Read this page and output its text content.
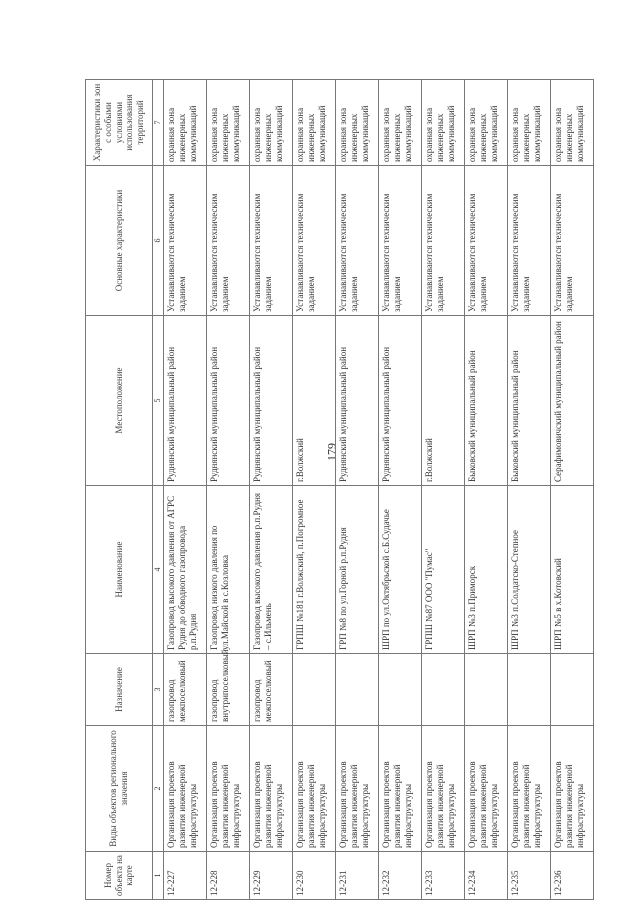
179
Номер объекта на карте	Виды объектов регионального значения	Назначение	Наименование	Местоположение	Основные характеристики	Характеристики зон с особыми условиями использования территорий
1	2	3	4	5	6	7
12-227	Организация проектов развития инженерной инфраструктуры	газопровод межпоселковый	Газопровод высокого давления от АГРС Рудня до обводного газопровода р.п.Рудня	Руднянский муниципальный район	Устанавливаются техническим заданием	охранная зона инженерных коммуникаций
12-228	Организация проектов развития инженерной инфраструктуры	газопровод внутрипоселковый	Газопровод низкого давления по ул.Майской в с.Козловка	Руднянский муниципальный район	Устанавливаются техническим заданием	охранная зона инженерных коммуникаций
12-229	Организация проектов развития инженерной инфраструктуры	газопровод межпоселковый	Газопровод высокого давления р.п.Рудня – с.Ильмень	Руднянский муниципальный район	Устанавливаются техническим заданием	охранная зона инженерных коммуникаций
12-230	Организация проектов развития инженерной инфраструктуры		ГРПШ №181 г.Волжский, п.Погромное	г.Волжский	Устанавливаются техническим заданием	охранная зона инженерных коммуникаций
12-231	Организация проектов развития инженерной инфраструктуры		ГРП №8 по ул.Горной р.п.Рудня	Руднянский муниципальный район	Устанавливаются техническим заданием	охранная зона инженерных коммуникаций
12-232	Организация проектов развития инженерной инфраструктуры		ШРП по ул.Октябрьской с.Б.Судачье	Руднянский муниципальный район	Устанавливаются техническим заданием	охранная зона инженерных коммуникаций
12-233	Организация проектов развития инженерной инфраструктуры		ГРПШ №87 ООО "Пумас"	г.Волжский	Устанавливаются техническим заданием	охранная зона инженерных коммуникаций
12-234	Организация проектов развития инженерной инфраструктуры		ШРП №3 п.Приморск	Быковский муниципальный район	Устанавливаются техническим заданием	охранная зона инженерных коммуникаций
12-235	Организация проектов развития инженерной инфраструктуры		ШРП №3 п.Солдатско-Степное	Быковский муниципальный район	Устанавливаются техническим заданием	охранная зона инженерных коммуникаций
12-236	Организация проектов развития инженерной инфраструктуры		ШРП №5 в х.Котовский	Серафимовичский муниципальный район	Устанавливаются техническим заданием	охранная зона инженерных коммуникаций
